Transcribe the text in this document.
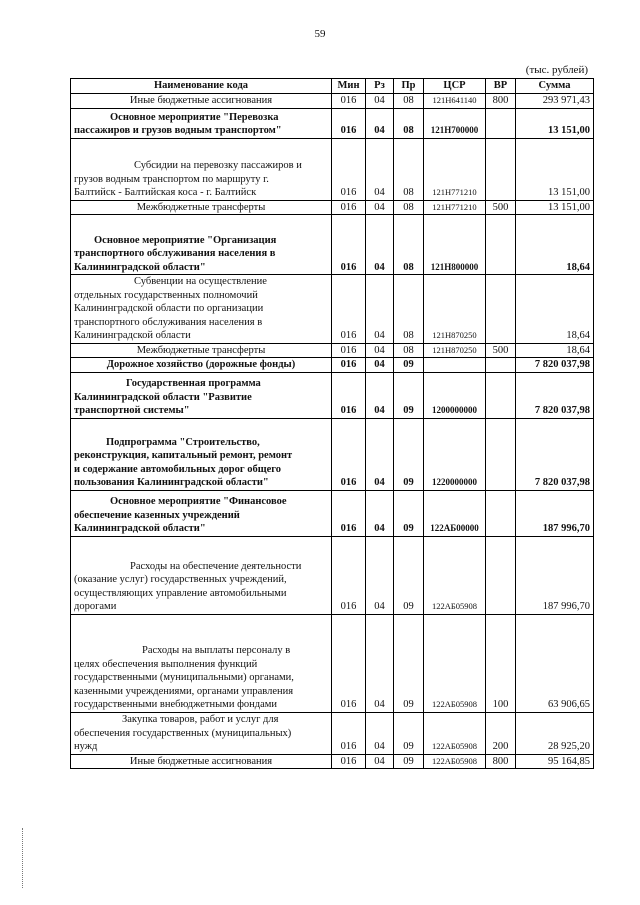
59
(тыс. рублей)
Наименование кода	Мин	Рз	Пр	ЦСР	ВР	Сумма

Иные бюджетные ассигнования	016	04	08	121Н641140	800	293 971,43

Основное мероприятие "Перевозка
пассажиров и грузов водным транспортом"	016	04	08	121Н700000		13 151,00

Субсидии на перевозку пассажиров и
грузов водным транспортом по маршруту г.
Балтийск - Балтийская коса - г. Балтийск	016	04	08	121Н771210		13 151,00

Межбюджетные трансферты	016	04	08	121Н771210	500	13 151,00

Основное мероприятие "Организация
транспортного обслуживания населения в
Калининградской области"	016	04	08	121Н800000		18,64

Субвенции на осуществление
отдельных государственных полномочий
Калининградской области по организации
транспортного обслуживания населения в
Калининградской области	016	04	08	121Н870250		18,64

Межбюджетные трансферты	016	04	08	121Н870250	500	18,64

Дорожное хозяйство (дорожные фонды)	016	04	09			7 820 037,98

Государственная программа
Калининградской области "Развитие
транспортной системы"	016	04	09	1200000000		7 820 037,98

Подпрограмма "Строительство,
реконструкция, капитальный ремонт, ремонт
и содержание автомобильных дорог общего
пользования Калининградской области"	016	04	09	1220000000		7 820 037,98

Основное мероприятие "Финансовое
обеспечение казенных учреждений
Калининградской области"	016	04	09	122АБ00000		187 996,70

Расходы на обеспечение деятельности
(оказание услуг) государственных учреждений,
осуществляющих управление автомобильными
дорогами	016	04	09	122АБ05908		187 996,70

Расходы на выплаты персоналу в
целях обеспечения выполнения функций
государственными (муниципальными) органами,
казенными учреждениями, органами управления
государственными внебюджетными фондами	016	04	09	122АБ05908	100	63 906,65

Закупка товаров, работ и услуг для
обеспечения государственных (муниципальных)
нужд	016	04	09	122АБ05908	200	28 925,20

Иные бюджетные ассигнования	016	04	09	122АБ05908	800	95 164,85
